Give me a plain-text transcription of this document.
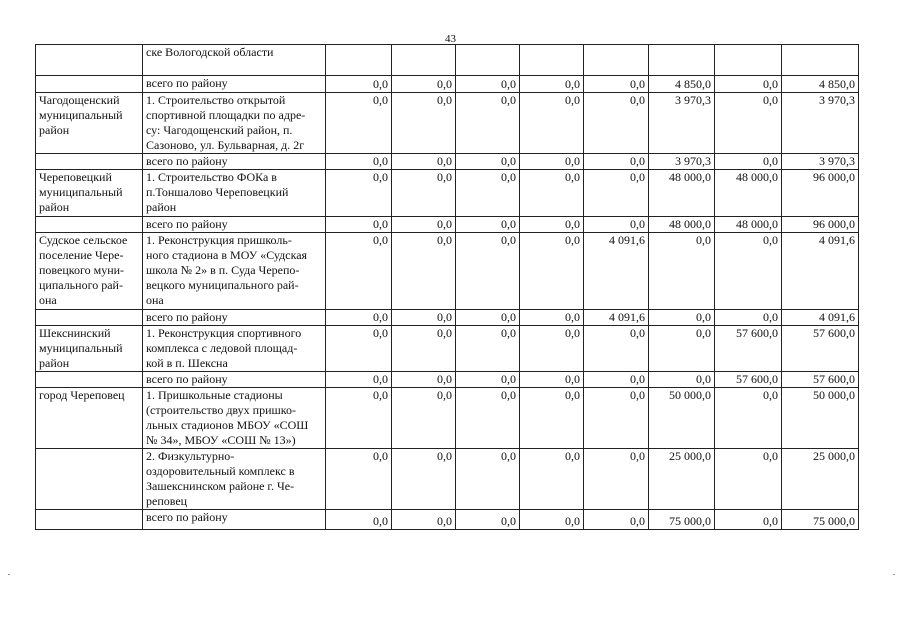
43
	ске Вологодской области								
	всего по району	0,0	0,0	0,0	0,0	0,0	4 850,0	0,0	4 850,0
Чагодощенский
муниципальный
район	1. Строительство открытой
спортивной площадки по адре-
су: Чагодощенский район, п.
Сазоново, ул. Бульварная, д. 2г	0,0	0,0	0,0	0,0	0,0	3 970,3	0,0	3 970,3
	всего по району	0,0	0,0	0,0	0,0	0,0	3 970,3	0,0	3 970,3
Череповецкий
муниципальный
район	1. Строительство ФОКа в
п.Тоншалово Череповецкий
район	0,0	0,0	0,0	0,0	0,0	48 000,0	48 000,0	96 000,0
	всего по району	0,0	0,0	0,0	0,0	0,0	48 000,0	48 000,0	96 000,0
Судское сельское
поселение Чере-
повецкого муни-
ципального рай-
она	1. Реконструкция пришколь-
ного стадиона в МОУ «Судская
школа № 2» в п. Суда Черепо-
вецкого муниципального рай-
она	0,0	0,0	0,0	0,0	4 091,6	0,0	0,0	4 091,6
	всего по району	0,0	0,0	0,0	0,0	4 091,6	0,0	0,0	4 091,6
Шекснинский
муниципальный
район	1. Реконструкция спортивного
комплекса с ледовой площад-
кой в п. Шексна	0,0	0,0	0,0	0,0	0,0	0,0	57 600,0	57 600,0
	всего по району	0,0	0,0	0,0	0,0	0,0	0,0	57 600,0	57 600,0
город Череповец	1. Пришкольные стадионы
(строительство двух пришко-
льных стадионов МБОУ «СОШ
№ 34», МБОУ «СОШ № 13»)	0,0	0,0	0,0	0,0	0,0	50 000,0	0,0	50 000,0
	2. Физкультурно-
оздоровительный комплекс в
Зашекснинском районе г. Че-
реповец	0,0	0,0	0,0	0,0	0,0	25 000,0	0,0	25 000,0
	всего по району	0,0	0,0	0,0	0,0	0,0	75 000,0	0,0	75 000,0
